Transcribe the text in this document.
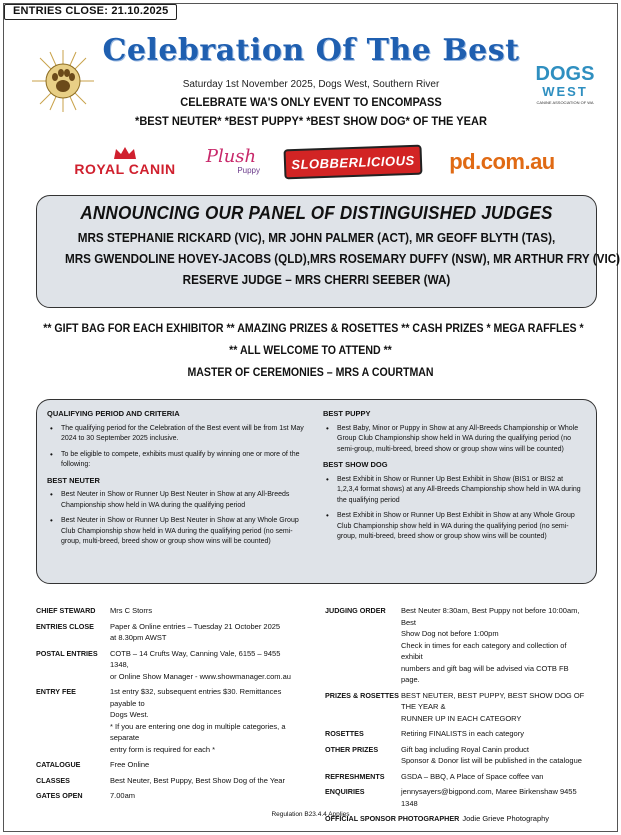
ENTRIES CLOSE: 21.10.2025
DOGS
WEST
CANINE ASSOCIATION OF WA
Celebration Of The Best
Saturday 1st November 2025, Dogs West, Southern River
CELEBRATE WA'S ONLY EVENT TO ENCOMPASS
*BEST NEUTER* *BEST PUPPY* *BEST SHOW DOG* OF THE YEAR
ROYAL CANIN
Plush
Puppy SLOBBERLICIOUS pd.com.au
ANNOUNCING OUR PANEL OF DISTINGUISHED JUDGES
MRS STEPHANIE RICKARD (VIC), MR JOHN PALMER (ACT), MR GEOFF BLYTH (TAS),
MRS GWENDOLINE HOVEY-JACOBS (QLD),MRS ROSEMARY DUFFY (NSW), MR ARTHUR FRY (VIC)
RESERVE JUDGE – MRS CHERRI SEEBER (WA)
** GIFT BAG FOR EACH EXHIBITOR ** AMAZING PRIZES & ROSETTES ** CASH PRIZES * MEGA RAFFLES *
** ALL WELCOME TO ATTEND **
MASTER OF CEREMONIES – MRS A COURTMAN
QUALIFYING PERIOD AND CRITERIA
• The qualifying period for the Celebration of the Best event will be from 1st May 2024 to 30 September 2025 inclusive.
• To be eligible to compete, exhibits must qualify by winning one or more of the following:
BEST NEUTER
• Best Neuter in Show or Runner Up Best Neuter in Show at any All-Breeds Championship show held in WA during the qualifying period
• Best Neuter in Show or Runner Up Best Neuter in Show at any Whole Group Club Championship show held in WA during the qualifying period (no semi-group, multi-breed, breed show or group show wins will be counted)
BEST PUPPY
• Best Baby, Minor or Puppy in Show at any All-Breeds Championship or Whole Group Club Championship show held in WA during the qualifying period (no semi-group, multi-breed, breed show or group show wins will be counted)
BEST SHOW DOG
• Best Exhibit in Show or Runner Up Best Exhibit in Show (BIS1 or BIS2 at 1,2,3,4 format shows) at any All-Breeds Championship show held in WA during the qualifying period
• Best Exhibit in Show or Runner Up Best Exhibit in Show at any Whole Group Club Championship show held in WA during the qualifying period (no semi-group, multi-breed, breed show or group show wins will be counted)
CHIEF STEWARD	Mrs C Storrs
ENTRIES CLOSE	Paper & Online entries – Tuesday 21 October 2025
at 8.30pm AWST
POSTAL ENTRIES	COTB – 14 Crufts Way, Canning Vale, 6155 – 9455 1348,
or Online Show Manager - www.showmanager.com.au
ENTRY FEE	1st entry $32, subsequent entries $30. Remittances payable to
Dogs West.
* If you are entering one dog in multiple categories, a separate
entry form is required for each *
CATALOGUE	Free Online
CLASSES	Best Neuter, Best Puppy, Best Show Dog of the Year
GATES OPEN	7.00am
JUDGING ORDER	Best Neuter 8:30am, Best Puppy not before 10:00am, Best
Show Dog not before 1:00pm
Check in times for each category and collection of exhibit
numbers and gift bag will be advised via COTB FB page.
PRIZES & ROSETTES BEST NEUTER, BEST PUPPY, BEST SHOW DOG OF THE YEAR &
RUNNER UP IN EACH CATEGORY
ROSETTES	Retiring FINALISTS in each category
OTHER PRIZES	Gift bag including Royal Canin product
Sponsor & Donor list will be published in the catalogue
REFRESHMENTS	GSDA – BBQ, A Place of Space coffee van
ENQUIRIES	jennysayers@bigpond.com, Maree Birkenshaw 9455 1348
OFFICIAL SPONSOR PHOTOGRAPHER Jodie Grieve Photography
Regulation B23.4.4 Applies
